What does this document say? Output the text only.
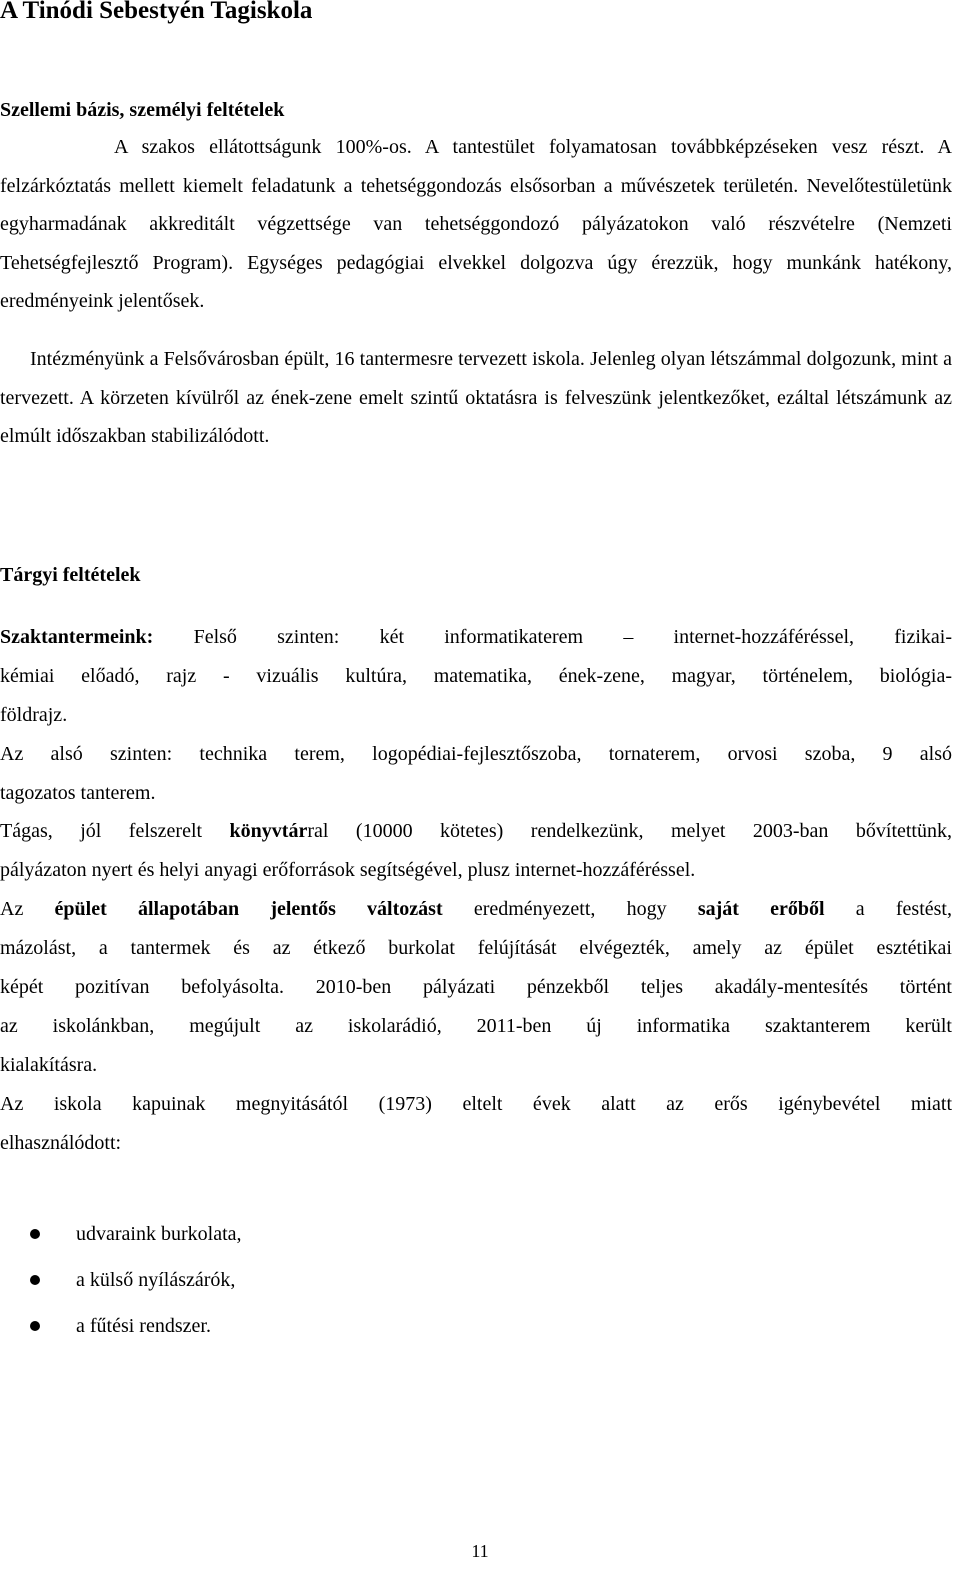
A Tinódi Sebestyén Tagiskola
Szellemi bázis, személyi feltételek

A szakos ellátottságunk 100%-os. A tantestület folyamatosan továbbképzéseken vesz részt. A felzárkóztatás mellett kiemelt feladatunk a tehetséggondozás elsősorban a művészetek területén. Nevelőtestületünk egyharmadának akkreditált végzettsége van tehetséggondozó pályázatokon való részvételre (Nemzeti Tehetségfejlesztő Program). Egységes pedagógiai elvekkel dolgozva úgy érezzük, hogy munkánk hatékony, eredményeink jelentősek.

Intézményünk a Felsővárosban épült, 16 tantermesre tervezett iskola. Jelenleg olyan létszámmal dolgozunk, mint a tervezett. A körzeten kívülről az ének-zene emelt szintű oktatásra is felveszünk jelentkezőket, ezáltal létszámunk az elmúlt időszakban stabilizálódott.

Tárgyi feltételek
Szaktantermeink: Felső szinten: két informatikaterem – internet-hozzáféréssel, fizikai-
kémiai előadó, rajz - vizuális kultúra, matematika, ének-zene, magyar, történelem, biológia-
földrajz.
Az alsó szinten: technika terem, logopédiai-fejlesztőszoba, tornaterem, orvosi szoba, 9 alsó
tagozatos tanterem.
Tágas, jól felszerelt könyvtárral (10000 kötetes) rendelkezünk, melyet 2003-ban bővítettünk,
pályázaton nyert és helyi anyagi erőforrások segítségével, plusz internet-hozzáféréssel.
Az épület állapotában jelentős változást eredményezett, hogy saját erőből a festést,
mázolást, a tantermek és az étkező burkolat felújítását elvégezték, amely az épület esztétikai
képét pozitívan befolyásolta. 2010-ben pályázati pénzekből teljes akadály-mentesítés történt
az iskolánkban, megújult az iskolarádió, 2011-ben új informatika szaktanterem került
kialakításra.
Az iskola kapuinak megnyitásától (1973) eltelt évek alatt az erős igénybevétel miatt
elhasználódott:
udvaraink burkolata,
a külső nyílászárók,
a fűtési rendszer.
11
